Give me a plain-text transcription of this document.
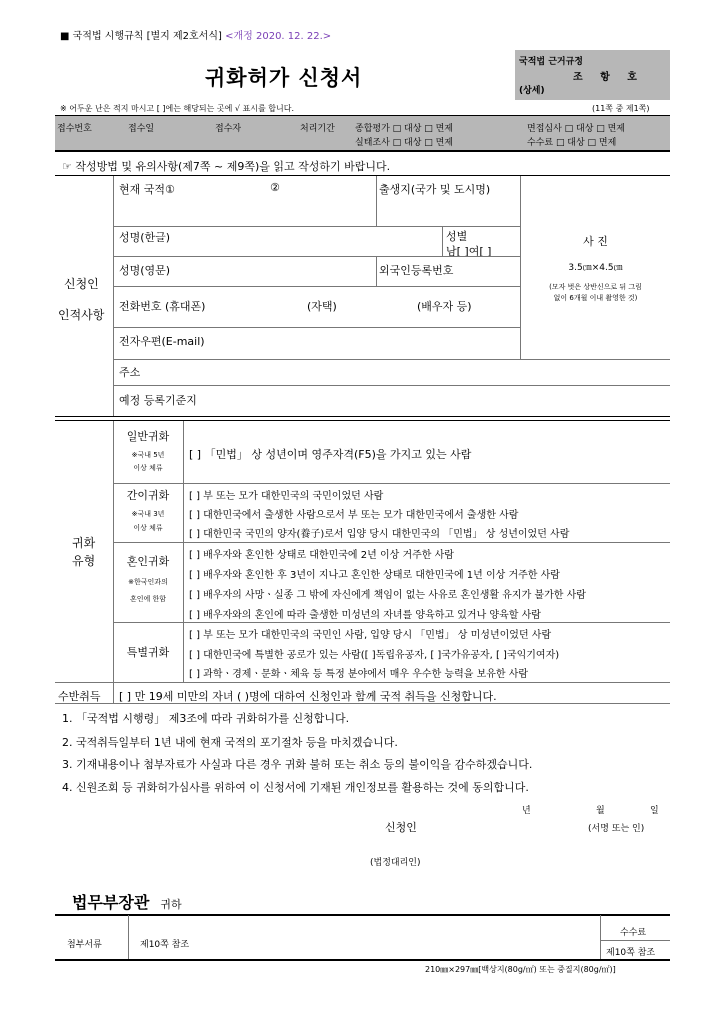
■ 국적법 시행규칙 [별지 제2호서식] <개정 2020. 12. 22.>
귀화허가 신청서
국적법 근거규정
조 항 호
(상세)
※ 어두운 난은 적지 마시고 [ ]에는 해당되는 곳에 √ 표시를 합니다.	(11쪽 중 제1쪽)
접수번호	접수일	접수자	처리기간 종합평가 □ 대상 □ 면제
실태조사 □ 대상 □ 면제
면접심사 □ 대상 □ 면제
수수료 □ 대상 □ 면제
☞ 작성방법 및 유의사항(제7쪽 ~ 제9쪽)을 읽고 작성하기 바랍니다.
신청인
인적사항
현재 국적①	②	출생지(국가 및 도시명)
성명(한글)	성별
남[ ]여[ ]
성명(영문)	외국인등록번호
전화번호 (휴대폰)	(자택)	(배우자 등)
전자우편(E-mail)
사 진
3.5㎝×4.5㎝
(모자 벗은 상반신으로 뒤 그림
없이 6개월 이내 촬영한 것)
주소
예정 등록기준지
귀화
유형
일반귀화
※국내 5년
이상 체류
[ ] 「민법」 상 성년이며 영주자격(F5)을 가지고 있는 사람
간이귀화
※국내 3년
이상 체류
[ ] 부 또는 모가 대한민국의 국민이었던 사람
[ ] 대한민국에서 출생한 사람으로서 부 또는 모가 대한민국에서 출생한 사람
[ ] 대한민국 국민의 양자(養子)로서 입양 당시 대한민국의 「민법」 상 성년이었던 사람
혼인귀화
※한국인과의
혼인에 한함
[ ] 배우자와 혼인한 상태로 대한민국에 2년 이상 거주한 사람
[ ] 배우자와 혼인한 후 3년이 지나고 혼인한 상태로 대한민국에 1년 이상 거주한 사람
[ ] 배우자의 사망ㆍ실종 그 밖에 자신에게 책임이 없는 사유로 혼인생활 유지가 불가한 사람
[ ] 배우자와의 혼인에 따라 출생한 미성년의 자녀를 양육하고 있거나 양육할 사람
특별귀화
[ ] 부 또는 모가 대한민국의 국민인 사람, 입양 당시 「민법」 상 미성년이었던 사람
[ ] 대한민국에 특별한 공로가 있는 사람([ ]독립유공자, [ ]국가유공자, [ ]국익기여자)
[ ] 과학ㆍ경제ㆍ문화ㆍ체육 등 특정 분야에서 매우 우수한 능력을 보유한 사람
수반취득 [ ] 만 19세 미만의 자녀 ( )명에 대하여 신청인과 함께 국적 취득을 신청합니다.
1. 「국적법 시행령」 제3조에 따라 귀화허가를 신청합니다.
2. 국적취득일부터 1년 내에 현재 국적의 포기절차 등을 마치겠습니다.
3. 기재내용이나 첨부자료가 사실과 다른 경우 귀화 불허 또는 취소 등의 불이익을 감수하겠습니다.
4. 신원조회 등 귀화허가심사를 위하여 이 신청서에 기재된 개인정보를 활용하는 것에 동의합니다.
년	월	일
신청인	(서명 또는 인)
(법정대리인)
법무부장관 귀하
첨부서류	제10쪽 참조
수수료
제10쪽 참조
210㎜×297㎜[백상지(80g/㎡) 또는 중질지(80g/㎡)]
